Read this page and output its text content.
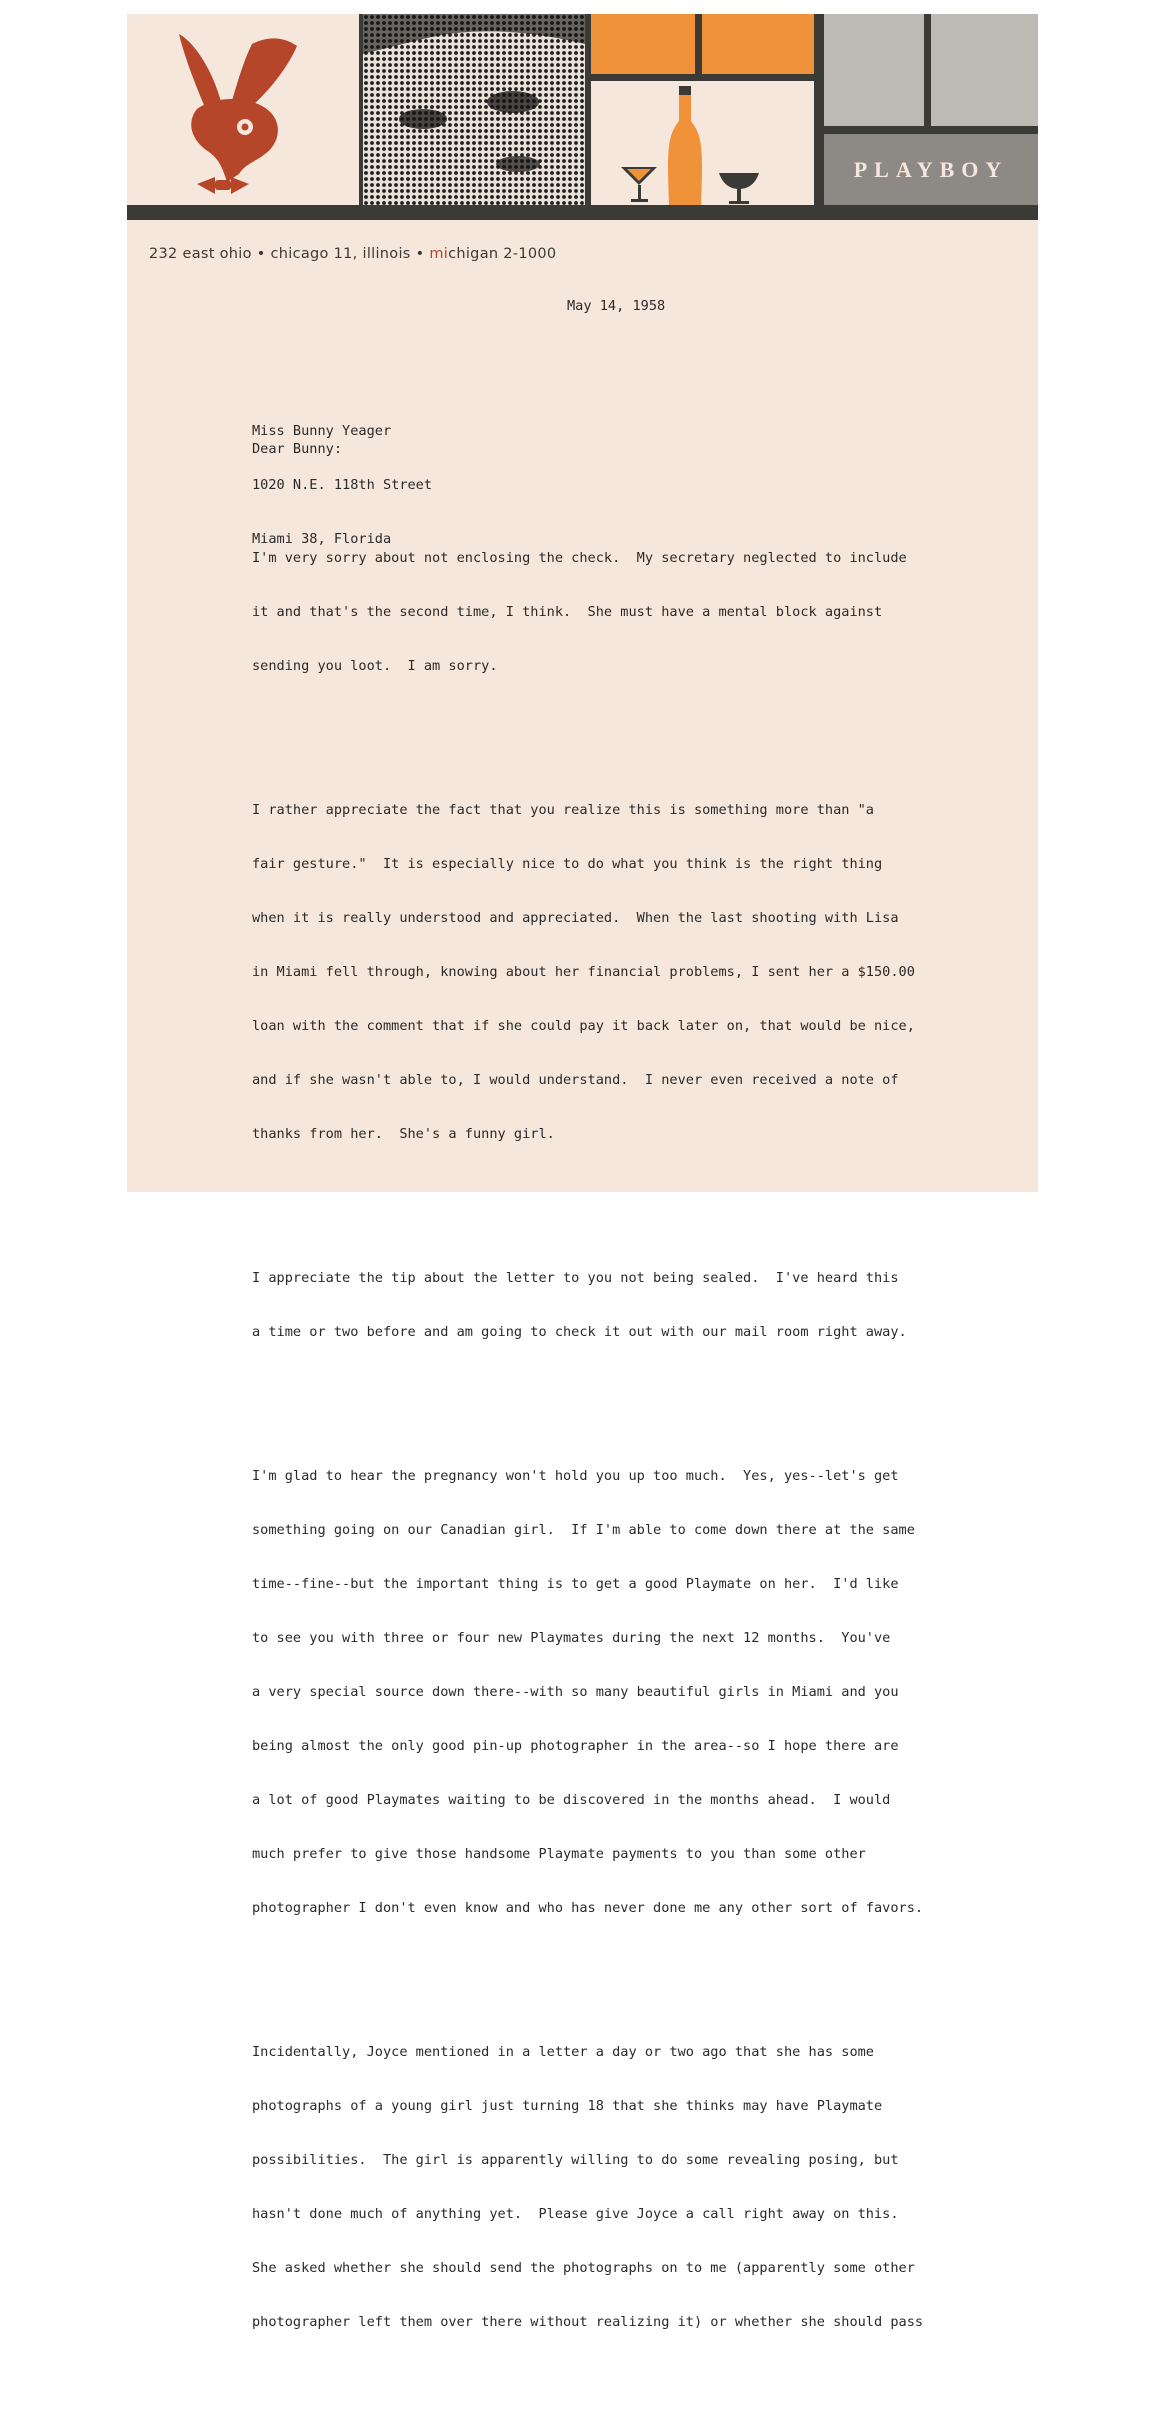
PLAYBOY
232 east ohio • chicago 11, illinois • michigan 2-1000
May 14, 1958

Miss Bunny Yeager

1020 N.E. 118th Street

Miami 38, Florida

Dear Bunny:

I'm very sorry about not enclosing the check.  My secretary neglected to include

it and that's the second time, I think.  She must have a mental block against

sending you loot.  I am sorry.

I rather appreciate the fact that you realize this is something more than "a

fair gesture."  It is especially nice to do what you think is the right thing

when it is really understood and appreciated.  When the last shooting with Lisa

in Miami fell through, knowing about her financial problems, I sent her a $150.00

loan with the comment that if she could pay it back later on, that would be nice,

and if she wasn't able to, I would understand.  I never even received a note of

thanks from her.  She's a funny girl.

I appreciate the tip about the letter to you not being sealed.  I've heard this

a time or two before and am going to check it out with our mail room right away.

I'm glad to hear the pregnancy won't hold you up too much.  Yes, yes--let's get

something going on our Canadian girl.  If I'm able to come down there at the same

time--fine--but the important thing is to get a good Playmate on her.  I'd like

to see you with three or four new Playmates during the next 12 months.  You've

a very special source down there--with so many beautiful girls in Miami and you

being almost the only good pin-up photographer in the area--so I hope there are

a lot of good Playmates waiting to be discovered in the months ahead.  I would

much prefer to give those handsome Playmate payments to you than some other

photographer I don't even know and who has never done me any other sort of favors.

Incidentally, Joyce mentioned in a letter a day or two ago that she has some

photographs of a young girl just turning 18 that she thinks may have Playmate

possibilities.  The girl is apparently willing to do some revealing posing, but

hasn't done much of anything yet.  Please give Joyce a call right away on this.

She asked whether she should send the photographs on to me (apparently some other

photographer left them over there without realizing it) or whether she should pass
